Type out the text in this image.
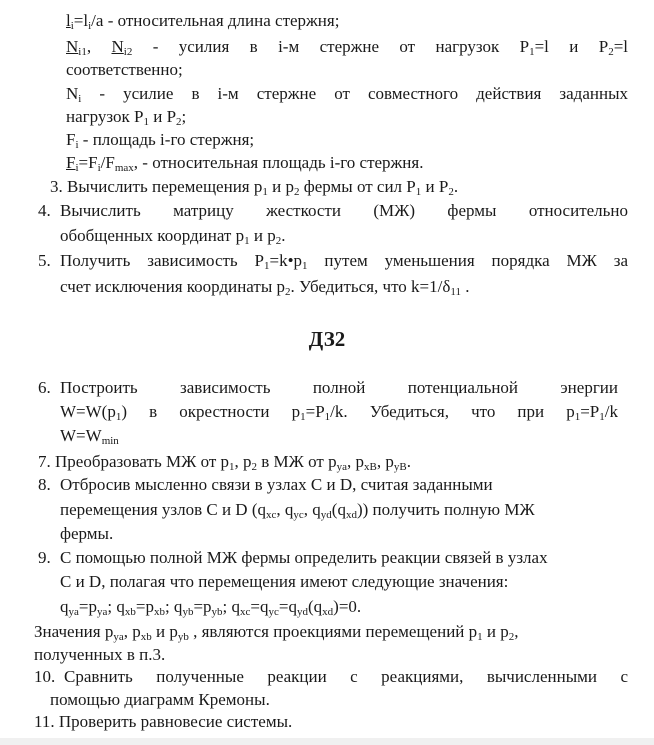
$l_i=l_i/a$ - относительная длина стержня;
$N_{i1}$, $N_{i2}$ - усилия в i-м стержне от нагрузок $P_1=l$ и $P_2=l$
соответственно;
$N_i$ - усилие в i-м стержне от совместного действия заданных
нагрузок $P_1$ и $P_2$;
$F_i$ - площадь i-го стержня;
$F_i=F_i/F_{max}$, - относительная площадь i-го стержня.
3. Вычислить перемещения $p_1$ и $p_2$ фермы от сил $P_1$ и $P_2$.
4. Вычислить матрицу жесткости (МЖ) фермы относительно
обобщенных координат $p_1$ и $p_2$.
5. Получить зависимость $P_1=k•p_1$ путем уменьшения порядка МЖ за
счет исключения координаты $p_2$. Убедиться, что $k=1/\delta_{11}$ .
ДЗ2
6. Построить зависимость полной потенциальной энергии
$W=W(p_1)$ в окрестности $p_1=P_1/k$. Убедиться, что при $p_1=P_1/k$
$W=W_{min}$
7. Преобразовать МЖ от $p_1$, $p_2$ в МЖ от $p_{ya}$, $p_{xB}$, $p_{yB}$.
8. Отбросив мысленно связи в узлах C и D, считая заданными
перемещения узлов C и D ($q_{xc}$, $q_{yc}$, $q_{yd}(q_{xd})$) получить полную МЖ
фермы.
9. С помощью полной МЖ фермы определить реакции связей в узлах
C и D, полагая что перемещения имеют следующие значения:
$q_{ya}=p_{ya}$; $q_{xb}=p_{xb}$; $q_{yb}=p_{yb}$; $q_{xc}=q_{yc}=q_{yd}(q_{xd})=0$.
Значения $p_{ya}$, $p_{xb}$ и $p_{yb}$ , являются проекциями перемещений $p_1$ и $p_2$,
полученных в п.3.
10. Сравнить полученные реакции с реакциями, вычисленными с
помощью диаграмм Кремоны.
11. Проверить равновесие системы.
